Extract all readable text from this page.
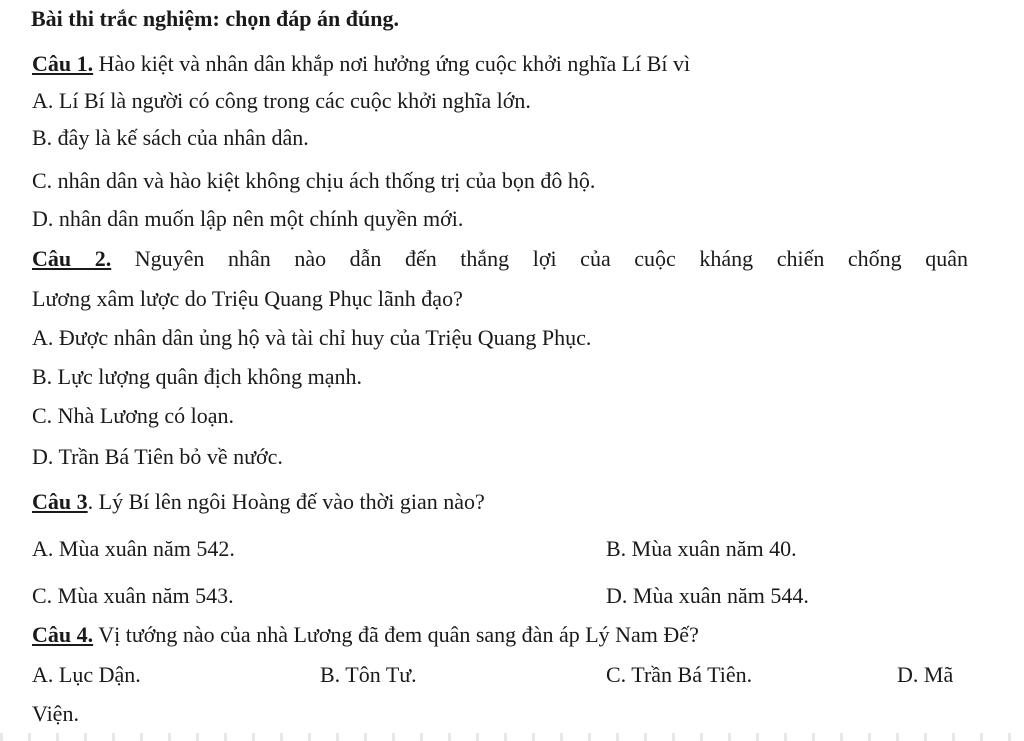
Bài thi trắc nghiệm: chọn đáp án đúng.
Câu 1. Hào kiệt và nhân dân khắp nơi hưởng ứng cuộc khởi nghĩa Lí Bí vì
A. Lí Bí là người có công trong các cuộc khởi nghĩa lớn.
B. đây là kế sách của nhân dân.
C. nhân dân và hào kiệt không chịu ách thống trị của bọn đô hộ.
D. nhân dân muốn lập nên một chính quyền mới.
Câu 2. Nguyên nhân nào dẫn đến thắng lợi của cuộc kháng chiến chống quân
Lương xâm lược do Triệu Quang Phục lãnh đạo?
A. Được nhân dân ủng hộ và tài chỉ huy của Triệu Quang Phục.
B. Lực lượng quân địch không mạnh.
C. Nhà Lương có loạn.
D. Trần Bá Tiên bỏ về nước.
Câu 3. Lý Bí lên ngôi Hoàng đế vào thời gian nào?
A. Mùa xuân năm 542.	B. Mùa xuân năm 40.
C. Mùa xuân năm 543.	D. Mùa xuân năm 544.
Câu 4. Vị tướng nào của nhà Lương đã đem quân sang đàn áp Lý Nam Đế?
A. Lục Dận.	B. Tôn Tư.	C. Trần Bá Tiên.	D. Mã
Viện.
